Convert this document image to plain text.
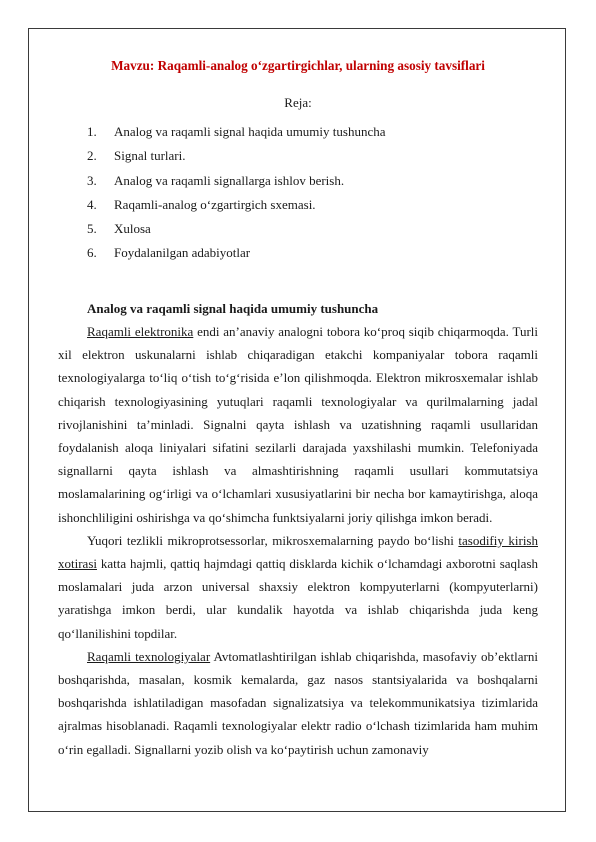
Mavzu: Raqamli-analog o‘zgartirgichlar, ularning asosiy tavsiflari
Reja:
1. Analog va raqamli signal haqida umumiy tushuncha
2. Signal turlari.
3. Analog va raqamli signallarga ishlov berish.
4. Raqamli-analog o‘zgartirgich sxemasi.
5. Xulosa
6. Foydalanilgan adabiyotlar
Analog va raqamli signal haqida umumiy tushuncha

Raqamli elektronika endi an’anaviy analogni tobora ko‘proq siqib chiqarmoqda. Turli xil elektron uskunalarni ishlab chiqaradigan etakchi kompaniyalar tobora raqamli texnologiyalarga to‘liq o‘tish to‘g‘risida e’lon qilishmoqda. Elektron mikrosxemalar ishlab chiqarish texnologiyasining yutuqlari raqamli texnologiyalar va qurilmalarning jadal rivojlanishini ta’minladi. Signalni qayta ishlash va uzatishning raqamli usullaridan foydalanish aloqa liniyalari sifatini sezilarli darajada yaxshilashi mumkin. Telefoniyada signallarni qayta ishlash va almashtirishning raqamli usullari kommutatsiya moslamalarining og‘irligi va o‘lchamlari xususiyatlarini bir necha bor kamaytirishga, aloqa ishonchliligini oshirishga va qo‘shimcha funktsiyalarni joriy qilishga imkon beradi.

Yuqori tezlikli mikroprotsessorlar, mikrosxemalarning paydo bo‘lishi tasodifiy kirish xotirasi katta hajmli, qattiq hajmdagi qattiq disklarda kichik o‘lchamdagi axborotni saqlash moslamalari juda arzon universal shaxsiy elektron kompyuterlarni (kompyuterlarni) yaratishga imkon berdi, ular kundalik hayotda va ishlab chiqarishda juda keng qo‘llanilishini topdilar.

Raqamli texnologiyalar Avtomatlashtirilgan ishlab chiqarishda, masofaviy ob’ektlarni boshqarishda, masalan, kosmik kemalarda, gaz nasos stantsiyalarida va boshqalarni boshqarishda ishlatiladigan masofadan signalizatsiya va telekommunikatsiya tizimlarida ajralmas hisoblanadi. Raqamli texnologiyalar elektr radio o‘lchash tizimlarida ham muhim o‘rin egalladi. Signallarni yozib olish va ko‘paytirish uchun zamonaviy
